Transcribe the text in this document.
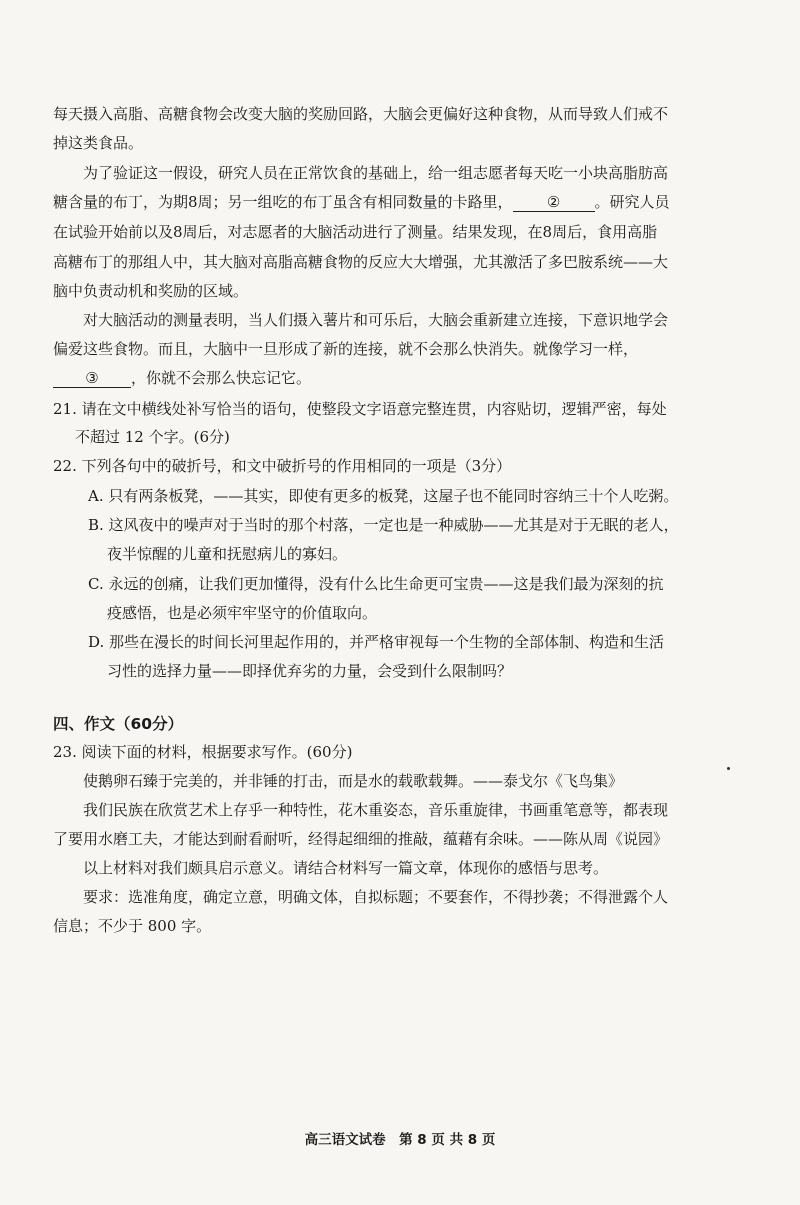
每天摄入高脂、高糖食物会改变大脑的奖励回路，大脑会更偏好这种食物，从而导致人们戒不
掉这类食品。
为了验证这一假设，研究人员在正常饮食的基础上，给一组志愿者每天吃一小块高脂肪高
糖含量的布丁，为期8周；另一组吃的布丁虽含有相同数量的卡路里， ② 。研究人员
在试验开始前以及8周后，对志愿者的大脑活动进行了测量。结果发现，在8周后，食用高脂
高糖布丁的那组人中，其大脑对高脂高糖食物的反应大大增强，尤其激活了多巴胺系统——大
脑中负责动机和奖励的区域。
对大脑活动的测量表明，当人们摄入薯片和可乐后，大脑会重新建立连接，下意识地学会
偏爱这些食物。而且，大脑中一旦形成了新的连接，就不会那么快消失。就像学习一样，
③ ，你就不会那么快忘记它。
21. 请在文中横线处补写恰当的语句，使整段文字语意完整连贯，内容贴切，逻辑严密，每处
不超过 12 个字。(6分)
22. 下列各句中的破折号，和文中破折号的作用相同的一项是（3分）
A. 只有两条板凳，——其实，即使有更多的板凳，这屋子也不能同时容纳三十个人吃粥。
B. 这风夜中的噪声对于当时的那个村落，一定也是一种威胁——尤其是对于无眠的老人，
夜半惊醒的儿童和抚慰病儿的寡妇。
C. 永远的创痛，让我们更加懂得，没有什么比生命更可宝贵——这是我们最为深刻的抗
疫感悟，也是必须牢牢坚守的价值取向。
D. 那些在漫长的时间长河里起作用的，并严格审视每一个生物的全部体制、构造和生活
习性的选择力量——即择优弃劣的力量，会受到什么限制吗？
四、作文（60分）
23. 阅读下面的材料，根据要求写作。(60分)
使鹅卵石臻于完美的，并非锤的打击，而是水的载歌载舞。——泰戈尔《飞鸟集》
我们民族在欣赏艺术上存乎一种特性，花木重姿态，音乐重旋律，书画重笔意等，都表现
了要用水磨工夫，才能达到耐看耐听，经得起细细的推敲，蕴藉有余味。——陈从周《说园》
以上材料对我们颇具启示意义。请结合材料写一篇文章，体现你的感悟与思考。
要求：选准角度，确定立意，明确文体，自拟标题；不要套作，不得抄袭；不得泄露个人
信息；不少于 800 字。
高三语文试卷　第 8 页 共 8 页
